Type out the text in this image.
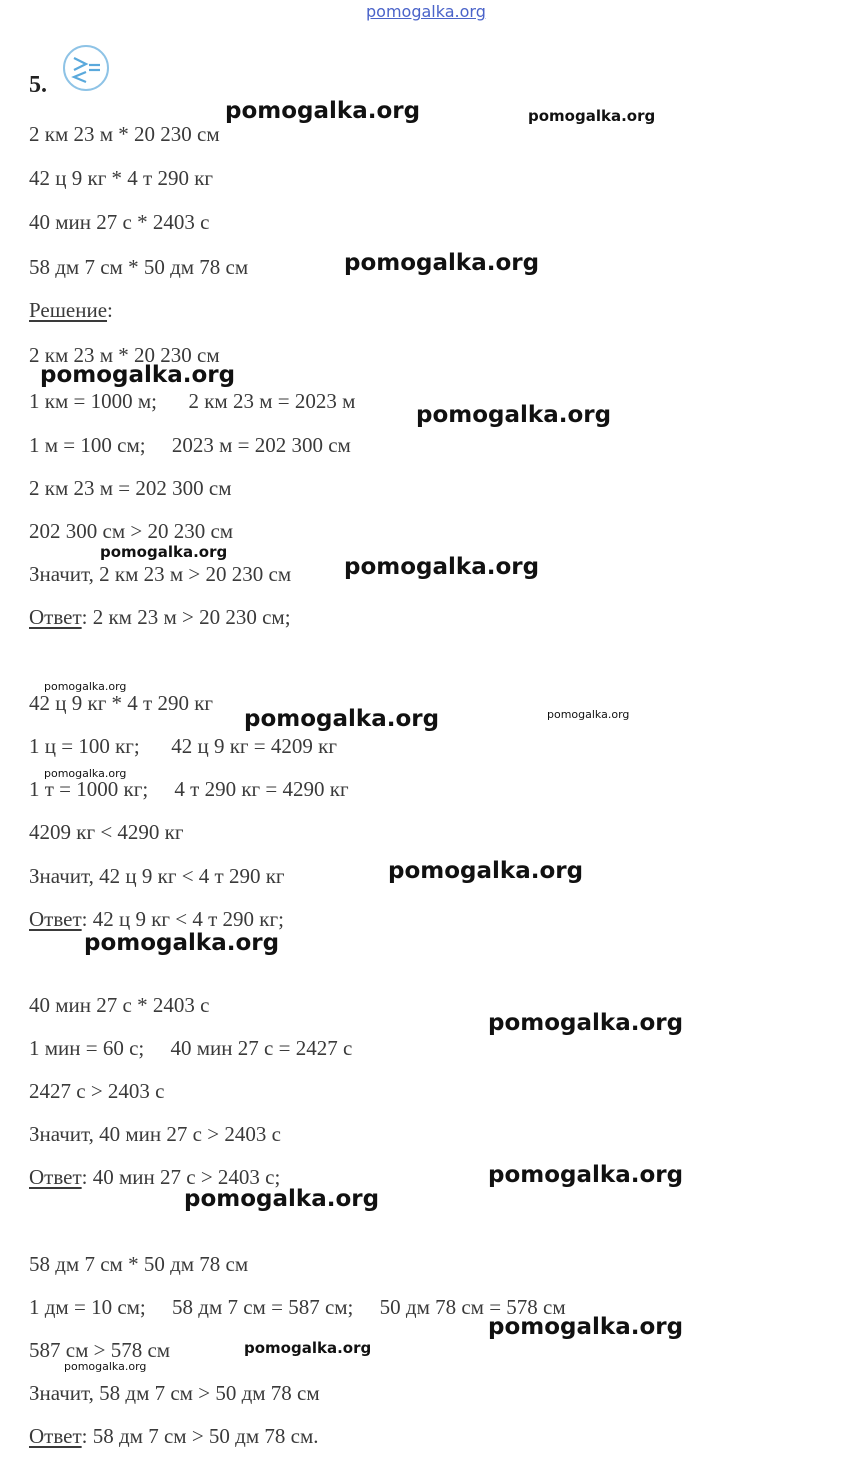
pomogalka.org
5.
2 км 23 м * 20 230 см
42 ц 9 кг * 4 т 290 кг
40 мин 27 с * 2403 с
58 дм 7 см * 50 дм 78 см
Решение:
2 км 23 м * 20 230 см
1 км = 1000 м;      2 км 23 м = 2023 м
1 м = 100 см;     2023 м = 202 300 см
2 км 23 м = 202 300 см
202 300 см > 20 230 см
Значит, 2 км 23 м > 20 230 см
Ответ: 2 км 23 м > 20 230 см;
42 ц 9 кг * 4 т 290 кг
1 ц = 100 кг;      42 ц 9 кг = 4209 кг
1 т = 1000 кг;     4 т 290 кг = 4290 кг
4209 кг < 4290 кг
Значит, 42 ц 9 кг < 4 т 290 кг
Ответ: 42 ц 9 кг < 4 т 290 кг;
40 мин 27 с * 2403 с
1 мин = 60 с;     40 мин 27 с = 2427 с
2427 с > 2403 с
Значит, 40 мин 27 с > 2403 с
Ответ: 40 мин 27 с > 2403 с;
58 дм 7 см * 50 дм 78 см
1 дм = 10 см;     58 дм 7 см = 587 см;     50 дм 78 см = 578 см
587 см > 578 см
Значит, 58 дм 7 см > 50 дм 78 см
Ответ: 58 дм 7 см > 50 дм 78 см.
pomogalka.org	pomogalka.org
pomogalka.org
pomogalka.org
pomogalka.org
pomogalka.org
pomogalka.org
pomogalka.org
pomogalka.org	pomogalka.org
pomogalka.org
pomogalka.org
pomogalka.org
pomogalka.org
pomogalka.org
pomogalka.org
pomogalka.org
pomogalka.org
pomogalka.org
